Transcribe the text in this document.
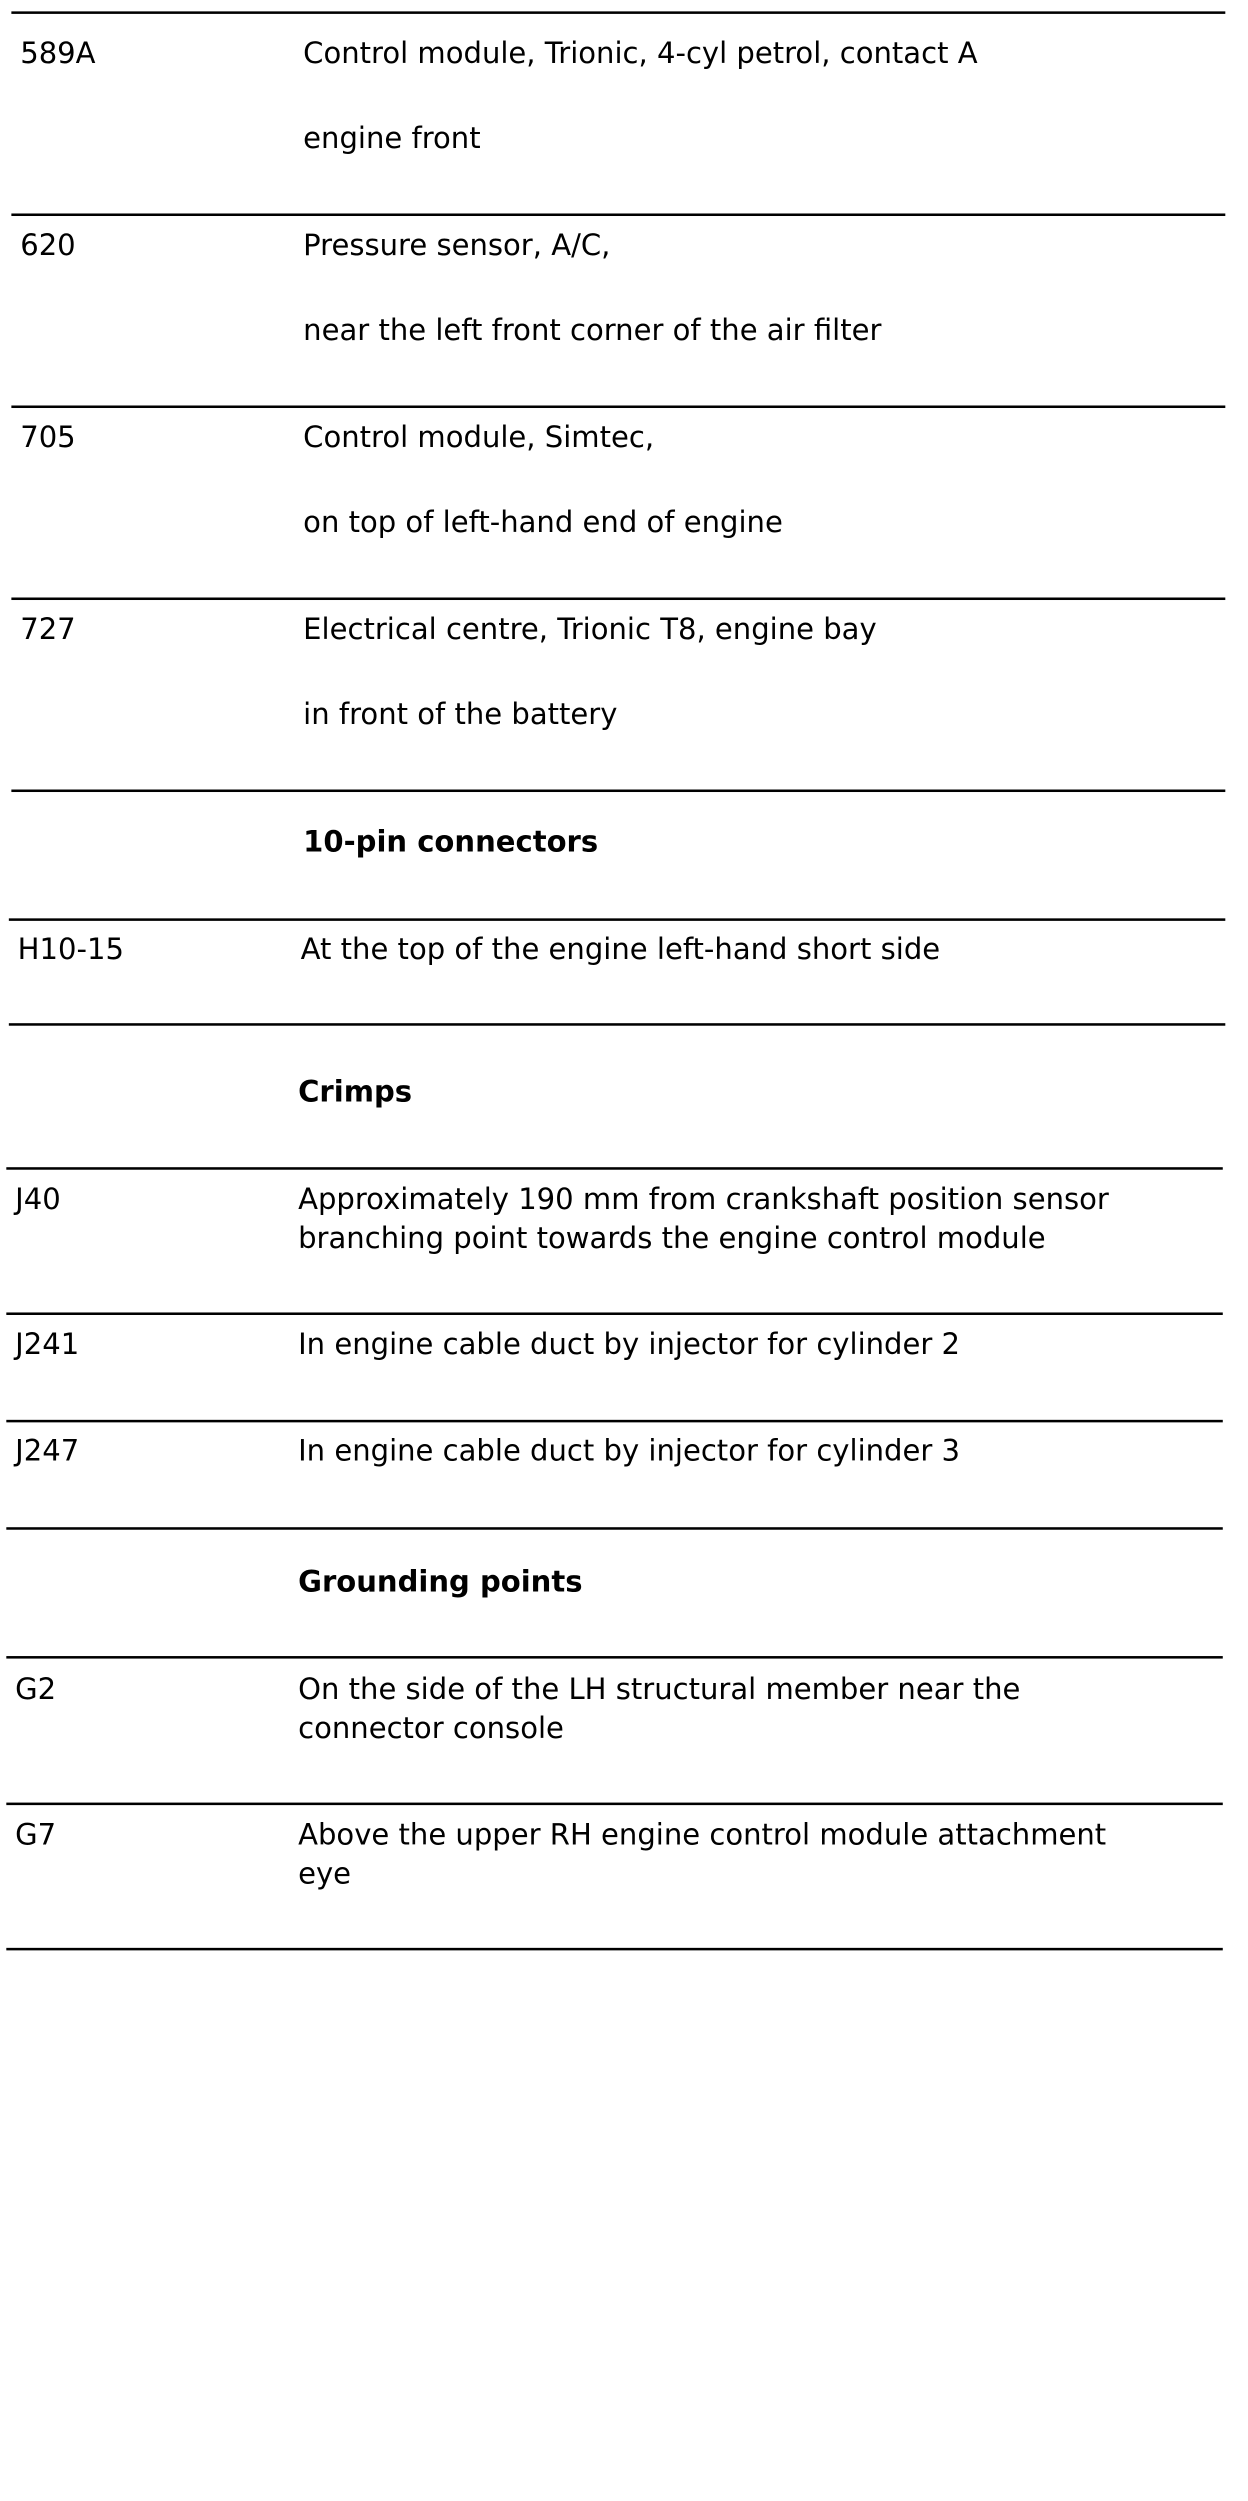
589A	Control module, Trionic, 4-cyl petrol, contact A
engine front
620	Pressure sensor, A/C,
near the left front corner of the air filter
705	Control module, Simtec,
on top of left-hand end of engine
727	Electrical centre, Trionic T8, engine bay
in front of the battery
10-pin connectors
H10-15	At the top of the engine left-hand short side
Crimps
J40	Approximately 190 mm from crankshaft position sensor
branching point towards the engine control module
J241	In engine cable duct by injector for cylinder 2
J247	In engine cable duct by injector for cylinder 3
Grounding points
G2	On the side of the LH structural member near the
connector console
G7	Above the upper RH engine control module attachment
eye
